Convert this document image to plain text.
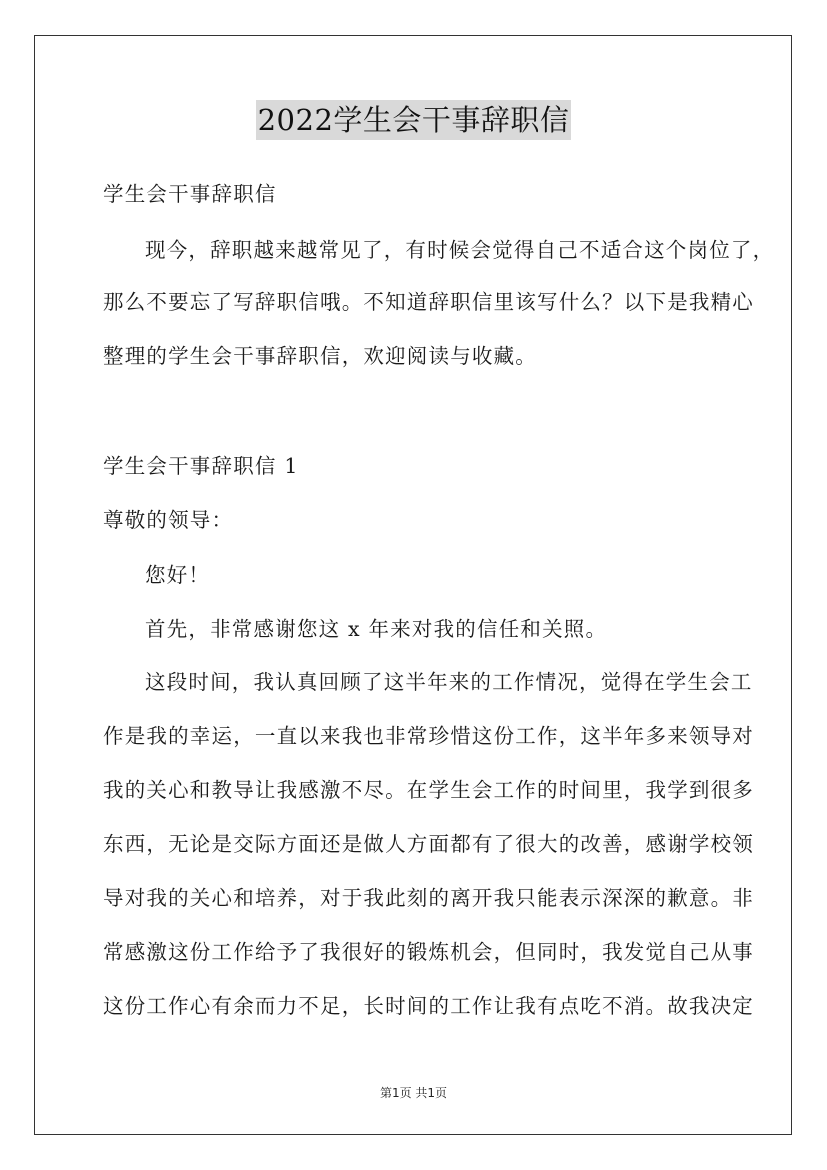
2022学生会干事辞职信
学生会干事辞职信
现今，辞职越来越常见了，有时候会觉得自己不适合这个岗位了，
那么不要忘了写辞职信哦。不知道辞职信里该写什么？以下是我精心
整理的学生会干事辞职信，欢迎阅读与收藏。
学生会干事辞职信 1
尊敬的领导：
您好！
首先，非常感谢您这 x 年来对我的信任和关照。
这段时间，我认真回顾了这半年来的工作情况，觉得在学生会工
作是我的幸运，一直以来我也非常珍惜这份工作，这半年多来领导对
我的关心和教导让我感激不尽。在学生会工作的时间里，我学到很多
东西，无论是交际方面还是做人方面都有了很大的改善，感谢学校领
导对我的关心和培养，对于我此刻的离开我只能表示深深的歉意。非
常感激这份工作给予了我很好的锻炼机会，但同时，我发觉自己从事
这份工作心有余而力不足，长时间的工作让我有点吃不消。故我决定
第1页 共1页
